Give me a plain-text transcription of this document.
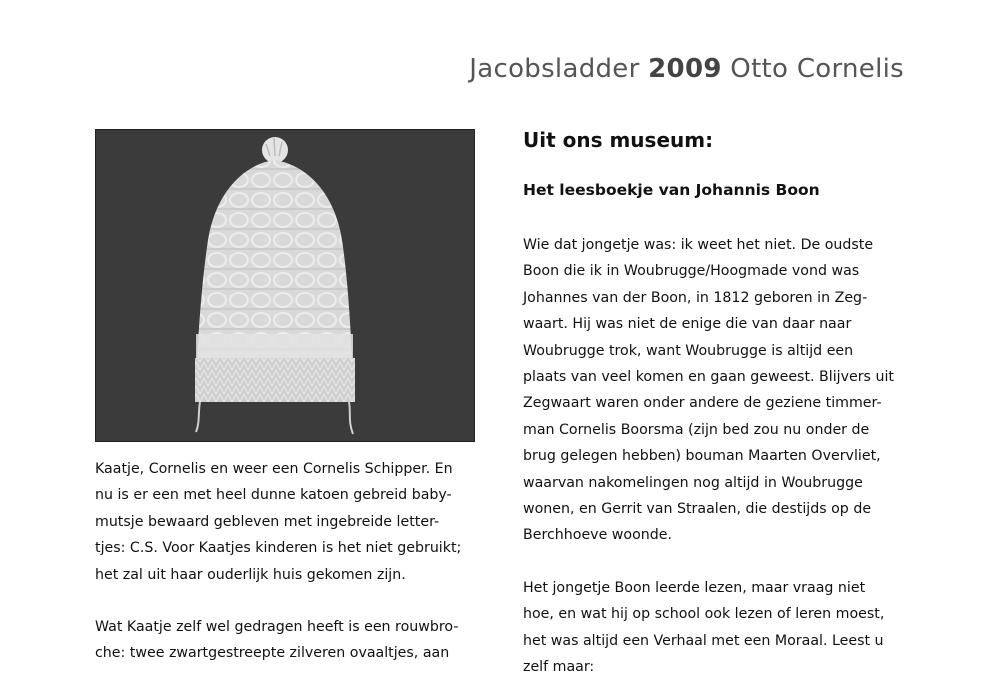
Jacobsladder 2009 Otto Cornelis
Kaatje, Cornelis en weer een Cornelis Schipper. En
nu is er een met heel dunne katoen gebreid baby-
mutsje bewaard gebleven met ingebreide letter-
tjes: C.S. Voor Kaatjes kinderen is het niet gebruikt;
het zal uit haar ouderlijk huis gekomen zijn.
Wat Kaatje zelf wel gedragen heeft is een rouwbro-
che: twee zwartgestreepte zilveren ovaaltjes, aan
Uit ons museum:
Het leesboekje van Johannis Boon
Wie dat jongetje was: ik weet het niet. De oudste
Boon die ik in Woubrugge/Hoogmade vond was
Johannes van der Boon, in 1812 geboren in Zeg-
waart. Hij was niet de enige die van daar naar
Woubrugge trok, want Woubrugge is altijd een
plaats van veel komen en gaan geweest. Blijvers uit
Zegwaart waren onder andere de geziene timmer-
man Cornelis Boorsma (zijn bed zou nu onder de
brug gelegen hebben) bouman Maarten Overvliet,
waarvan nakomelingen nog altijd in Woubrugge
wonen, en Gerrit van Straalen, die destijds op de
Berchhoeve woonde.
Het jongetje Boon leerde lezen, maar vraag niet
hoe, en wat hij op school ook lezen of leren moest,
het was altijd een Verhaal met een Moraal. Leest u
zelf maar:
